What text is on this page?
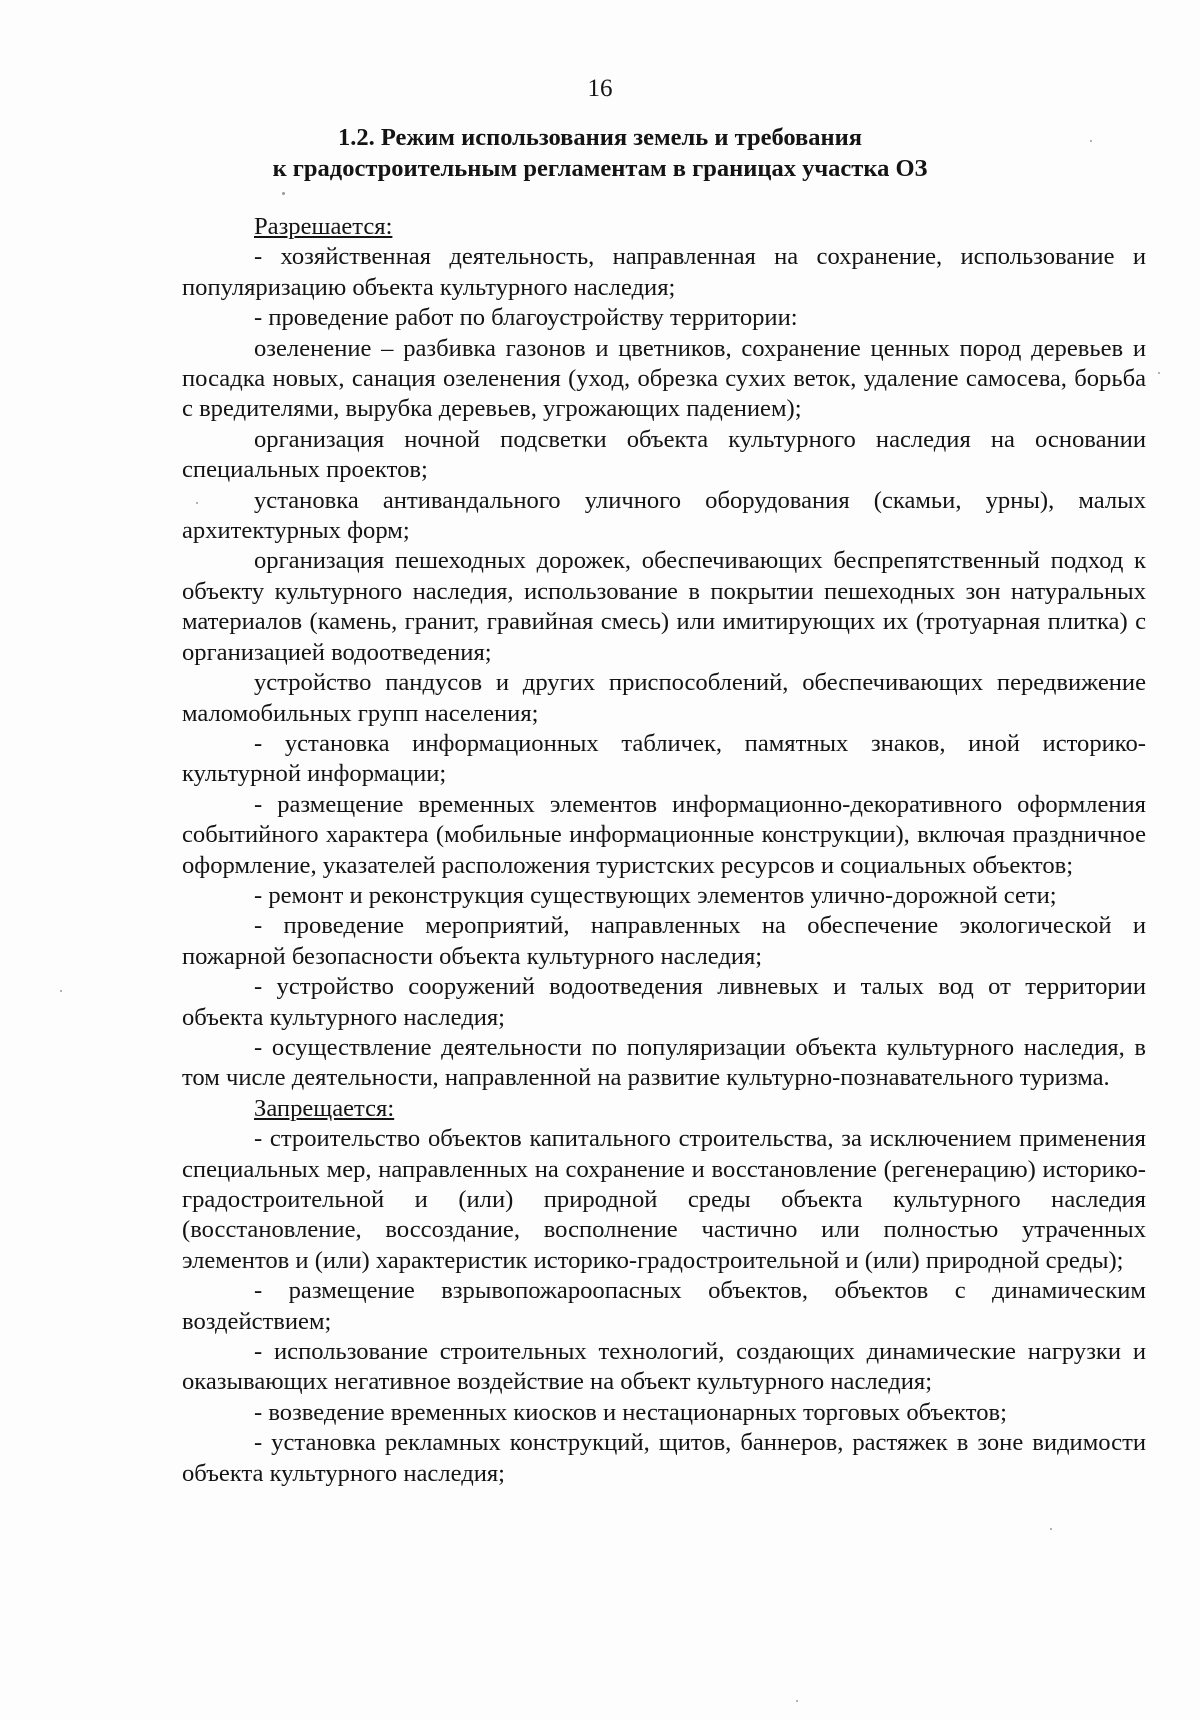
16
1.2. Режим использования земель и требования
к градостроительным регламентам в границах участка ОЗ

Разрешается:

- хозяйственная деятельность, направленная на сохранение, использование и популяризацию объекта культурного наследия;

- проведение работ по благоустройству территории:

озеленение – разбивка газонов и цветников, сохранение ценных пород деревьев и посадка новых, санация озеленения (уход, обрезка сухих веток, удаление самосева, борьба с вредителями, вырубка деревьев, угрожающих падением);

организация ночной подсветки объекта культурного наследия на основании специальных проектов;

установка антивандального уличного оборудования (скамьи, урны), малых архитектурных форм;

организация пешеходных дорожек, обеспечивающих беспрепятственный подход к объекту культурного наследия, использование в покрытии пешеходных зон натуральных материалов (камень, гранит, гравийная смесь) или имитирующих их (тротуарная плитка) с организацией водоотведения;

устройство пандусов и других приспособлений, обеспечивающих передвижение маломобильных групп населения;

- установка информационных табличек, памятных знаков, иной историко-культурной информации;

- размещение временных элементов информационно-декоративного оформления событийного характера (мобильные информационные конструкции), включая праздничное оформление, указателей расположения туристских ресурсов и социальных объектов;

- ремонт и реконструкция существующих элементов улично-дорожной сети;

- проведение мероприятий, направленных на обеспечение экологической и пожарной безопасности объекта культурного наследия;

- устройство сооружений водоотведения ливневых и талых вод от территории объекта культурного наследия;

- осуществление деятельности по популяризации объекта культурного наследия, в том числе деятельности, направленной на развитие культурно-познавательного туризма.

Запрещается:

- строительство объектов капитального строительства, за исключением применения специальных мер, направленных на сохранение и восстановление (регенерацию) историко-градостроительной и (или) природной среды объекта культурного наследия (восстановление, воссоздание, восполнение частично или полностью утраченных элементов и (или) характеристик историко-градостроительной и (или) природной среды);

- размещение взрывопожароопасных объектов, объектов с динамическим воздействием;

- использование строительных технологий, создающих динамические нагрузки и оказывающих негативное воздействие на объект культурного наследия;

- возведение временных киосков и нестационарных торговых объектов;

- установка рекламных конструкций, щитов, баннеров, растяжек в зоне видимости объекта культурного наследия;
